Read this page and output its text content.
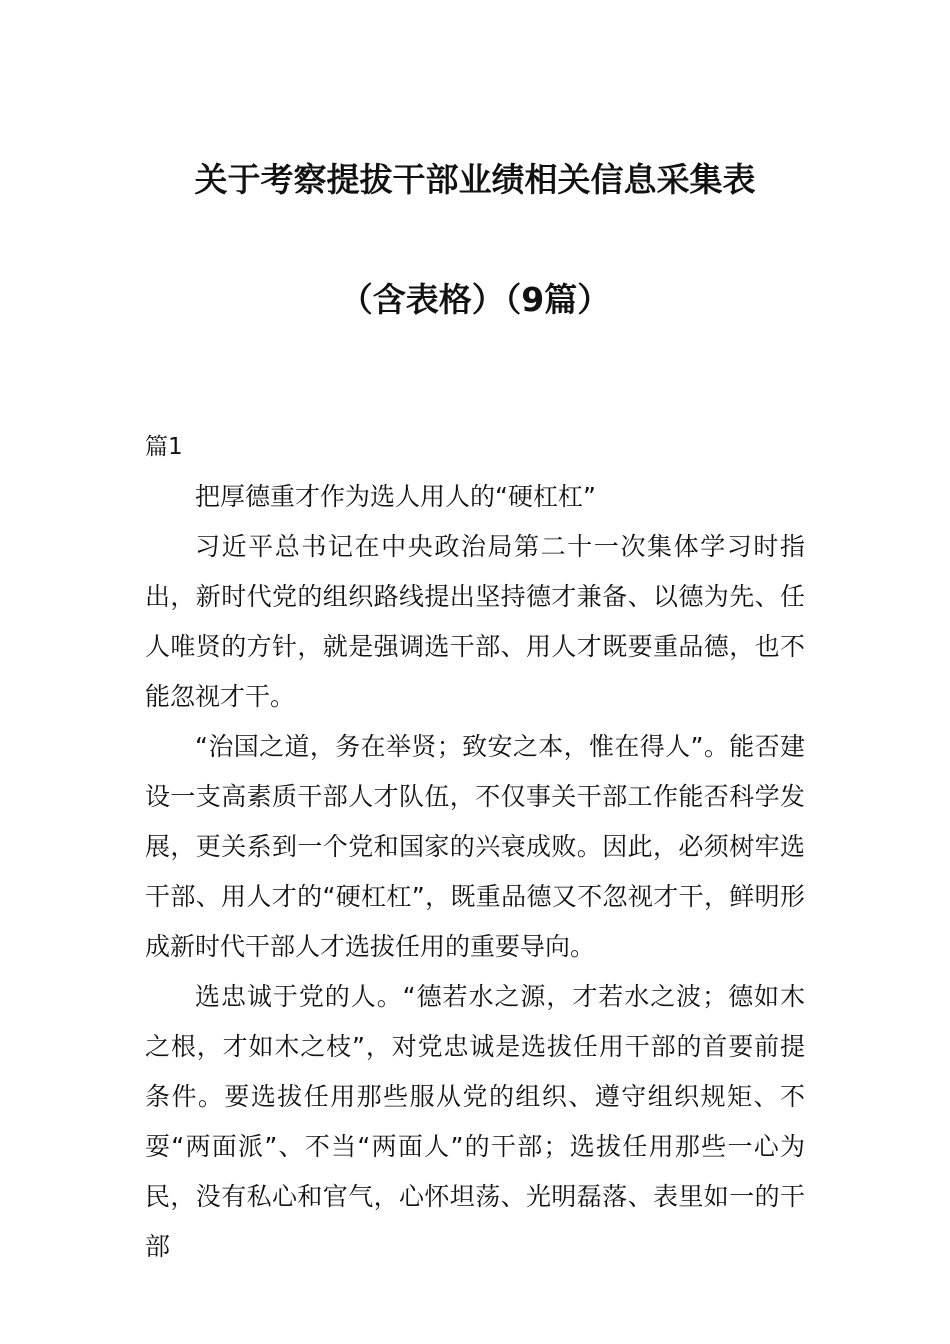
关于考察提拔干部业绩相关信息采集表
（含表格）（9篇）

篇1

把厚德重才作为选人用人的“硬杠杠”

习近平总书记在中央政治局第二十一次集体学习时指出，新时代党的组织路线提出坚持德才兼备、以德为先、任人唯贤的方针，就是强调选干部、用人才既要重品德，也不能忽视才干。

“治国之道，务在举贤；致安之本，惟在得人”。能否建设一支高素质干部人才队伍，不仅事关干部工作能否科学发展，更关系到一个党和国家的兴衰成败。因此，必须树牢选干部、用人才的“硬杠杠”，既重品德又不忽视才干，鲜明形成新时代干部人才选拔任用的重要导向。

选忠诚于党的人。“德若水之源，才若水之波；德如木之根，才如木之枝”，对党忠诚是选拔任用干部的首要前提条件。要选拔任用那些服从党的组织、遵守组织规矩、不耍“两面派”、不当“两面人”的干部；选拔任用那些一心为民，没有私心和官气，心怀坦荡、光明磊落、表里如一的干部
